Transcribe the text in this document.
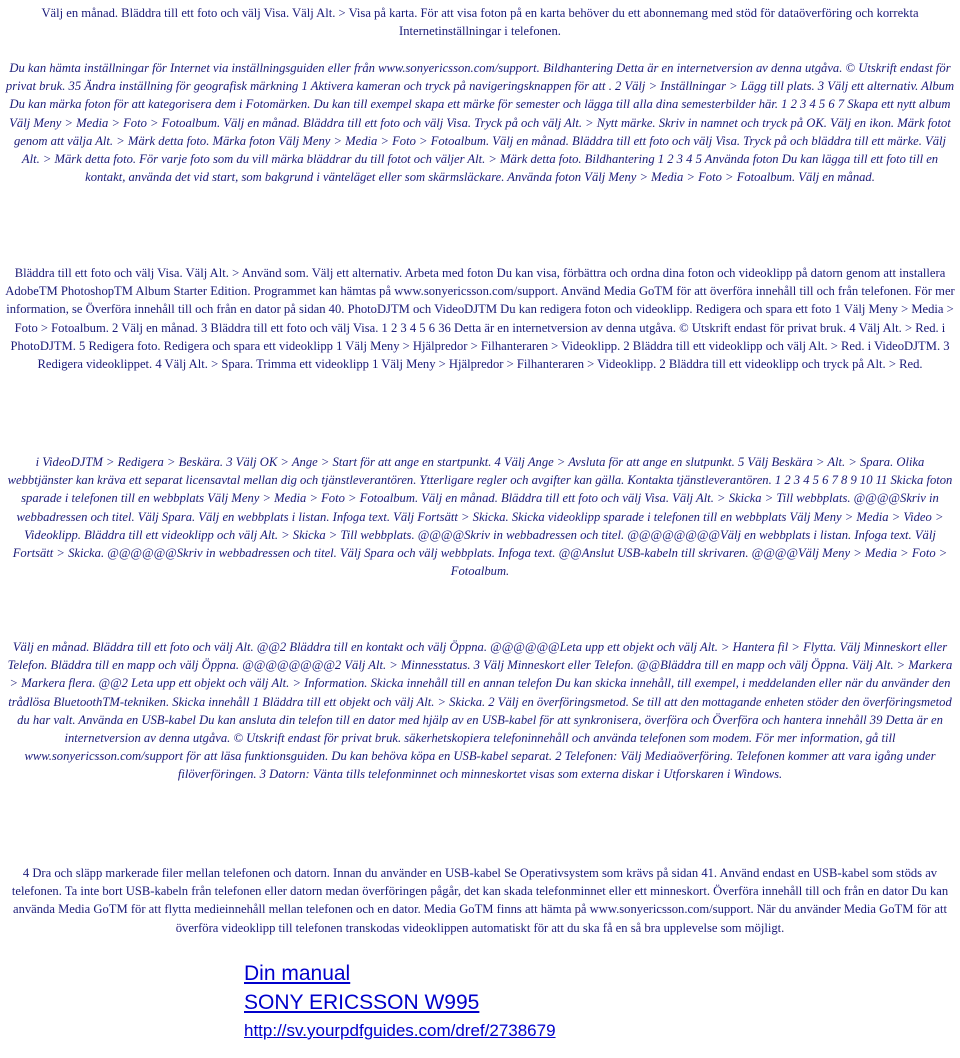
Välj en månad. Bläddra till ett foto och välj Visa. Välj Alt. > Visa på karta. För att visa foton på en karta behöver du ett abonnemang med stöd för dataöverföring och korrekta Internetinställningar i telefonen.

Du kan hämta inställningar för Internet via inställningsguiden eller från www.sonyericsson.com/support. Bildhantering Detta är en internetversion av denna utgåva. © Utskrift endast för privat bruk. 35 Ändra inställning för geografisk märkning 1 Aktivera kameran och tryck på navigeringsknappen för att . 2 Välj > Inställningar > Lägg till plats. 3 Välj ett alternativ. Album Du kan märka foton för att kategorisera dem i Fotomärken. Du kan till exempel skapa ett märke för semester och lägga till alla dina semesterbilder här. 1 2 3 4 5 6 7 Skapa ett nytt album Välj Meny > Media > Foto > Fotoalbum. Välj en månad. Bläddra till ett foto och välj Visa. Tryck på och välj Alt. > Nytt märke. Skriv in namnet och tryck på OK. Välj en ikon. Märk fotot genom att välja Alt. > Märk detta foto. Märka foton Välj Meny > Media > Foto > Fotoalbum. Välj en månad. Bläddra till ett foto och välj Visa. Tryck på och bläddra till ett märke. Välj Alt. > Märk detta foto. För varje foto som du vill märka bläddrar du till fotot och väljer Alt. > Märk detta foto. Bildhantering 1 2 3 4 5 Använda foton Du kan lägga till ett foto till en kontakt, använda det vid start, som bakgrund i vänteläget eller som skärmsläckare. Använda foton Välj Meny > Media > Foto > Fotoalbum. Välj en månad.

Bläddra till ett foto och välj Visa. Välj Alt. > Använd som. Välj ett alternativ. Arbeta med foton Du kan visa, förbättra och ordna dina foton och videoklipp på datorn genom att installera AdobeTM PhotoshopTM Album Starter Edition. Programmet kan hämtas på www.sonyericsson.com/support. Använd Media GoTM för att överföra innehåll till och från telefonen. För mer information, se Överföra innehåll till och från en dator på sidan 40. PhotoDJTM och VideoDJTM Du kan redigera foton och videoklipp. Redigera och spara ett foto 1 Välj Meny > Media > Foto > Fotoalbum. 2 Välj en månad. 3 Bläddra till ett foto och välj Visa. 1 2 3 4 5 6 36 Detta är en internetversion av denna utgåva. © Utskrift endast för privat bruk. 4 Välj Alt. > Red. i PhotoDJTM. 5 Redigera foto. Redigera och spara ett videoklipp 1 Välj Meny > Hjälpredor > Filhanteraren > Videoklipp. 2 Bläddra till ett videoklipp och välj Alt. > Red. i VideoDJTM. 3 Redigera videoklippet. 4 Välj Alt. > Spara. Trimma ett videoklipp 1 Välj Meny > Hjälpredor > Filhanteraren > Videoklipp. 2 Bläddra till ett videoklipp och tryck på Alt. > Red.

i VideoDJTM > Redigera > Beskära. 3 Välj OK > Ange > Start för att ange en startpunkt. 4 Välj Ange > Avsluta för att ange en slutpunkt. 5 Välj Beskära > Alt. > Spara. Olika webbtjänster kan kräva ett separat licensavtal mellan dig och tjänstleverantören. Ytterligare regler och avgifter kan gälla. Kontakta tjänstleverantören. 1 2 3 4 5 6 7 8 9 10 11 Skicka foton sparade i telefonen till en webbplats Välj Meny > Media > Foto > Fotoalbum. Välj en månad. Bläddra till ett foto och välj Visa. Välj Alt. > Skicka > Till webbplats. @@@@Skriv in webbadressen och titel. Välj Spara. Välj en webbplats i listan. Infoga text. Välj Fortsätt > Skicka. Skicka videoklipp sparade i telefonen till en webbplats Välj Meny > Media > Video > Videoklipp. Bläddra till ett videoklipp och välj Alt. > Skicka > Till webbplats. @@@@Skriv in webbadressen och titel. @@@@@@@@Välj en webbplats i listan. Infoga text. Välj Fortsätt > Skicka. @@@@@@Skriv in webbadressen och titel. Välj Spara och välj webbplats. Infoga text. @@Anslut USB-kabeln till skrivaren. @@@@Välj Meny > Media > Foto > Fotoalbum.

Välj en månad. Bläddra till ett foto och välj Alt. @@2 Bläddra till en kontakt och välj Öppna. @@@@@@Leta upp ett objekt och välj Alt. > Hantera fil > Flytta. Välj Minneskort eller Telefon. Bläddra till en mapp och välj Öppna. @@@@@@@@2 Välj Alt. > Minnesstatus. 3 Välj Minneskort eller Telefon. @@Bläddra till en mapp och välj Öppna. Välj Alt. > Markera > Markera flera. @@2 Leta upp ett objekt och välj Alt. > Information. Skicka innehåll till en annan telefon Du kan skicka innehåll, till exempel, i meddelanden eller när du använder den trådlösa BluetoothTM-tekniken. Skicka innehåll 1 Bläddra till ett objekt och välj Alt. > Skicka. 2 Välj en överföringsmetod. Se till att den mottagande enheten stöder den överföringsmetod du har valt. Använda en USB-kabel Du kan ansluta din telefon till en dator med hjälp av en USB-kabel för att synkronisera, överföra och Överföra och hantera innehåll 39 Detta är en internetversion av denna utgåva. © Utskrift endast för privat bruk. säkerhetskopiera telefoninnehåll och använda telefonen som modem. För mer information, gå till www.sonyericsson.com/support för att läsa funktionsguiden. Du kan behöva köpa en USB-kabel separat. 2 Telefonen: Välj Mediaöverföring. Telefonen kommer att vara igång under filöverföringen. 3 Datorn: Vänta tills telefonminnet och minneskortet visas som externa diskar i Utforskaren i Windows.

4 Dra och släpp markerade filer mellan telefonen och datorn. Innan du använder en USB-kabel Se Operativsystem som krävs på sidan 41. Använd endast en USB-kabel som stöds av telefonen. Ta inte bort USB-kabeln från telefonen eller datorn medan överföringen pågår, det kan skada telefonminnet eller ett minneskort. Överföra innehåll till och från en dator Du kan använda Media GoTM för att flytta medieinnehåll mellan telefonen och en dator. Media GoTM finns att hämta på www.sonyericsson.com/support. När du använder Media GoTM för att överföra videoklipp till telefonen transkodas videoklippen automatiskt för att du ska få en så bra upplevelse som möjligt.

Din manual
SONY ERICSSON W995
http://sv.yourpdfguides.com/dref/2738679
